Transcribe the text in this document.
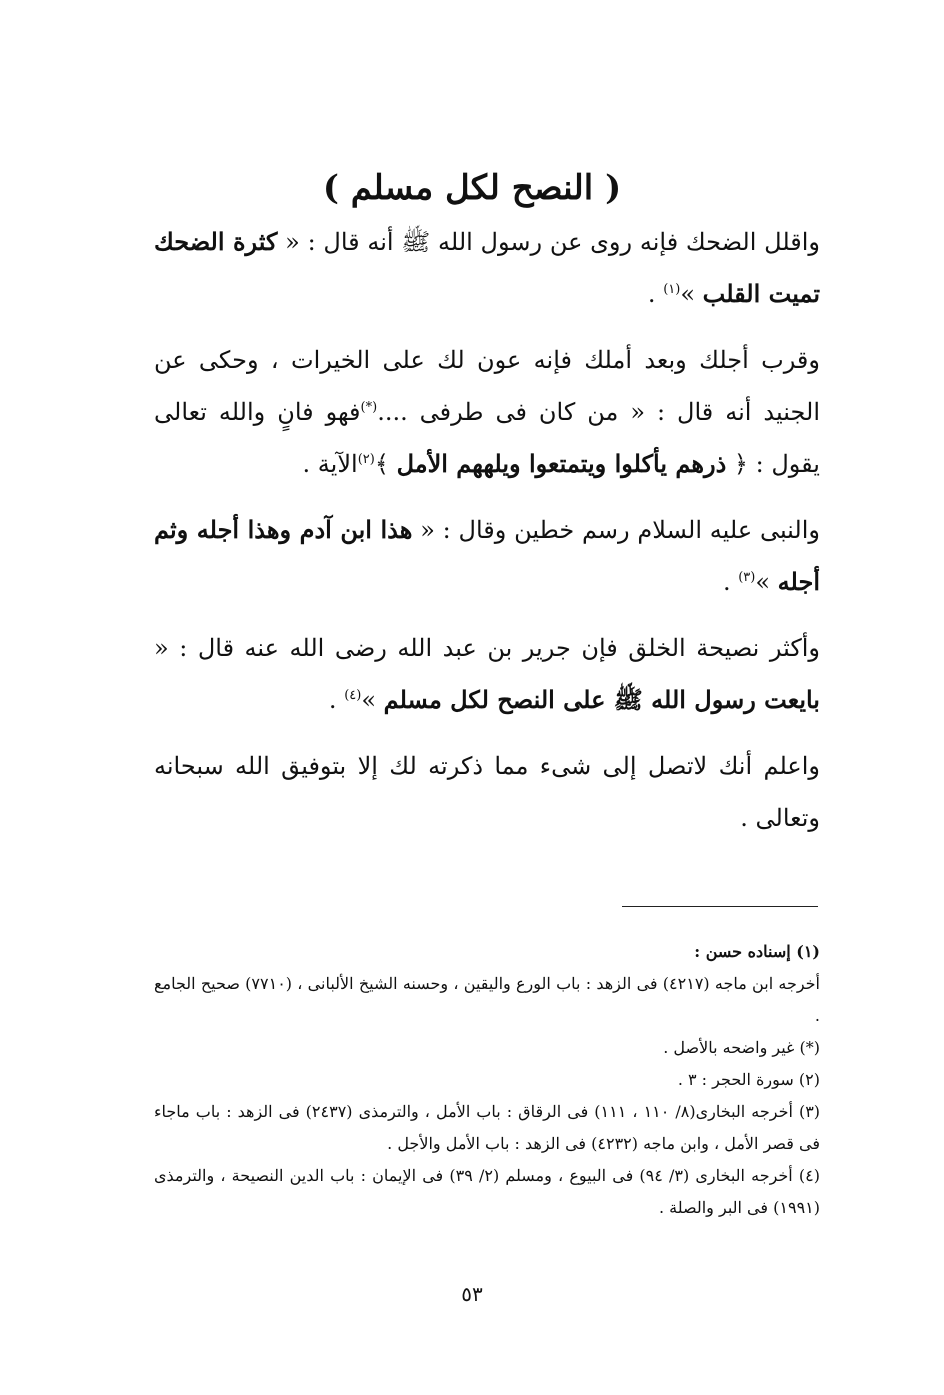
( النصح لكل مسلم )

واقلل الضحك فإنه روى عن رسول الله ﷺ أنه قال : « كثرة الضحك تميت القلب »$^{(١)}$ .

وقرب أجلك وبعد أملك فإنه عون لك على الخيرات ، وحكى عن الجنيد أنه قال : « من كان فى طرفى ....(*)فهو فانٍ والله تعالى يقول : ﴿ ذرهم يأكلوا ويتمتعوا ويلههم الأمل ﴾$^{(٢)}$الآية .

والنبى عليه السلام رسم خطين وقال : « هذا ابن آدم وهذا أجله وثم أجله »$^{(٣)}$ .

وأكثر نصيحة الخلق فإن جرير بن عبد الله رضى الله عنه قال : « بايعت رسول الله ﷺ على النصح لكل مسلم »$^{(٤)}$ .

واعلم أنك لاتصل إلى شىء مما ذكرته لك إلا بتوفيق الله سبحانه وتعالى .

(١) إسناده حسن :

أخرجه ابن ماجه (٤٢١٧) فى الزهد : باب الورع واليقين ، وحسنه الشيخ الألبانى ، (٧٧١٠) صحيح الجامع .

(*) غير واضحه بالأصل .

(٢) سورة الحجر : ٣ .

(٣) أخرجه البخارى(٨/ ١١٠ ، ١١١) فى الرقاق : باب الأمل ، والترمذى (٢٤٣٧) فى الزهد : باب ماجاء فى قصر الأمل ، وابن ماجه (٤٢٣٢) فى الزهد : باب الأمل والأجل .

(٤) أخرجه البخارى (٣/ ٩٤) فى البيوع ، ومسلم (٢/ ٣٩) فى الإيمان : باب الدين النصيحة ، والترمذى (١٩٩١) فى البر والصلة .

٥٣
